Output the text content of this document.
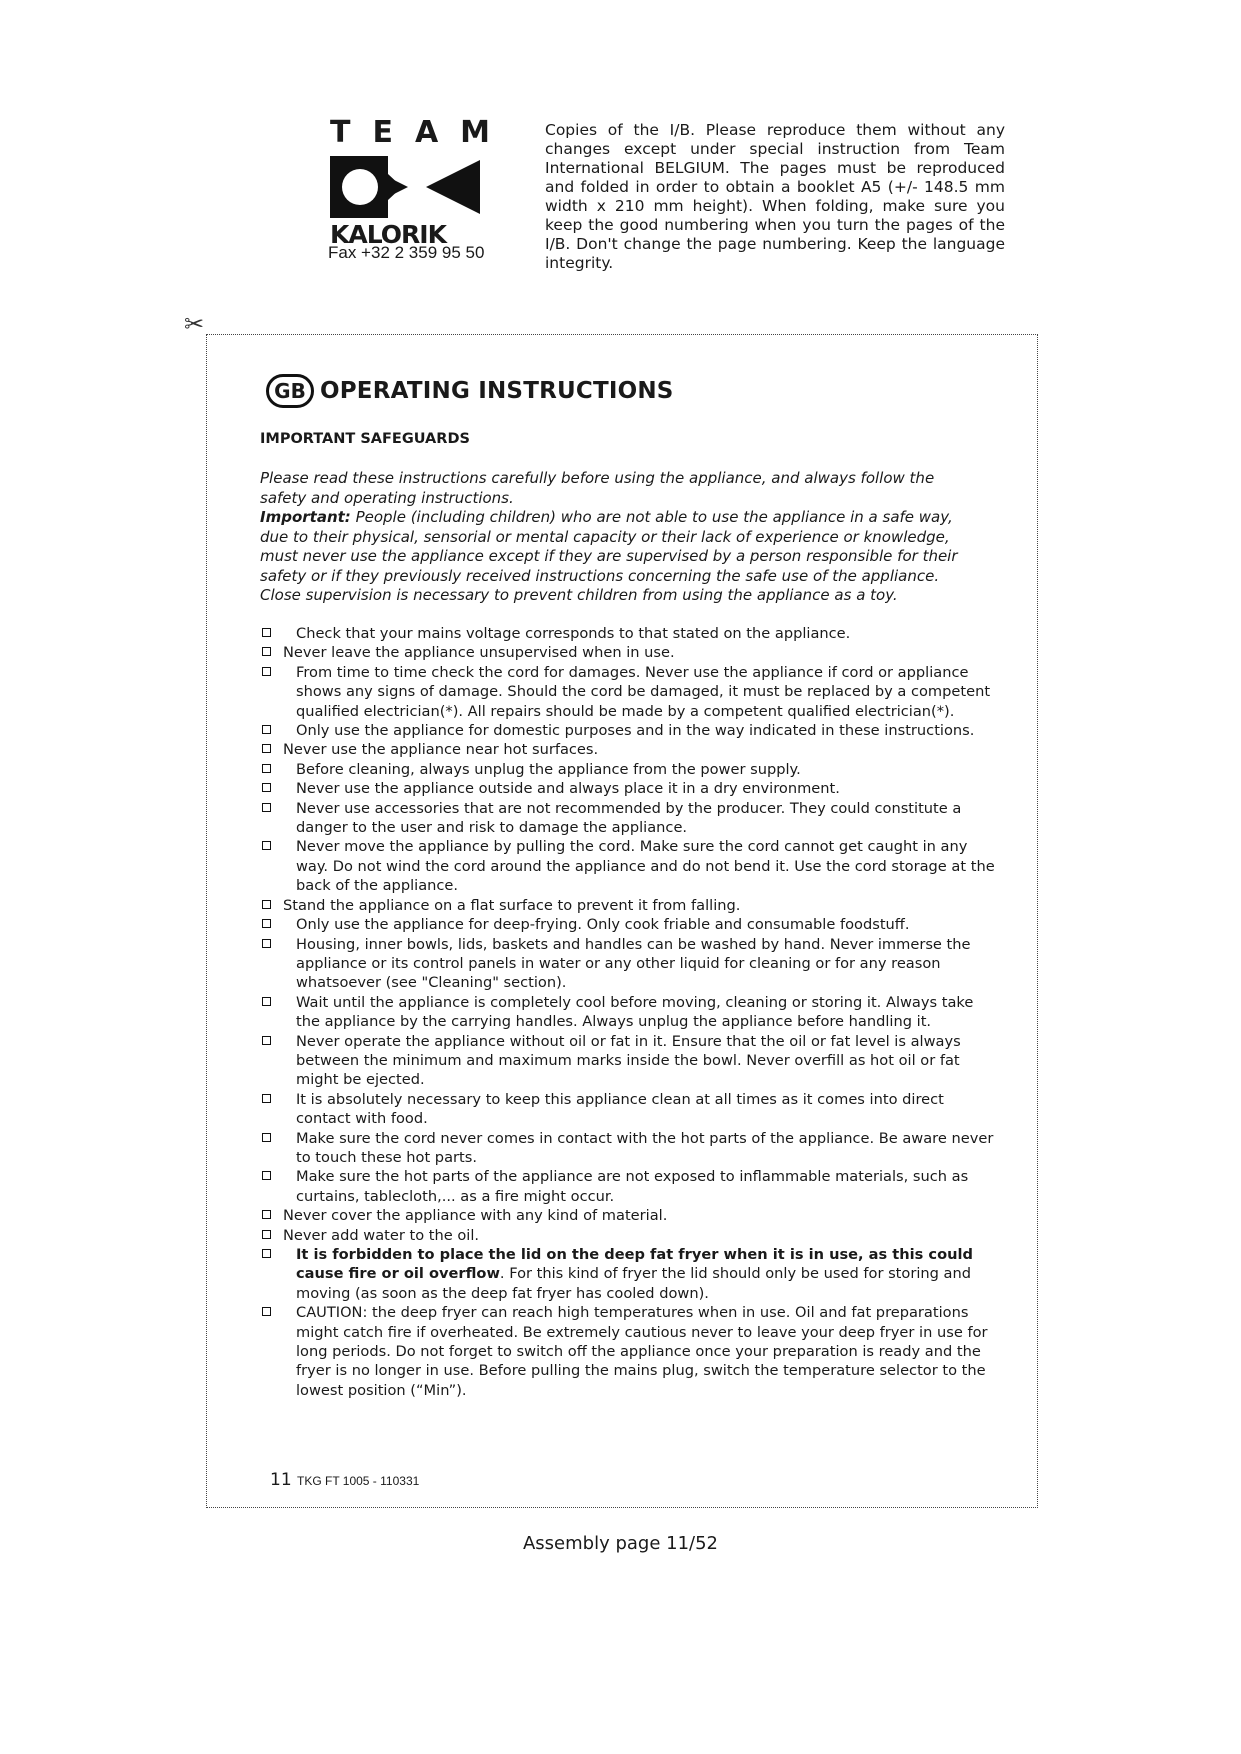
TEAM
KALORIK
Fax +32 2 359 95 50
Copies of the I/B. Please reproduce them without any changes except under special instruction from Team International BELGIUM. The pages must be reproduced and folded in order to obtain a booklet A5 (+/- 148.5 mm width x 210 mm height). When folding, make sure you keep the good numbering when you turn the pages of the I/B. Don't change the page numbering. Keep the language integrity.
✂
GB OPERATING INSTRUCTIONS
IMPORTANT SAFEGUARDS

Please read these instructions carefully before using the appliance, and always follow the safety and operating instructions.

Important: People (including children) who are not able to use the appliance in a safe way, due to their physical, sensorial or mental capacity or their lack of experience or knowledge, must never use the appliance except if they are supervised by a person responsible for their safety or if they previously received instructions concerning the safe use of the appliance. Close supervision is necessary to prevent children from using the appliance as a toy.

Check that your mains voltage corresponds to that stated on the appliance.
Never leave the appliance unsupervised when in use.
From time to time check the cord for damages. Never use the appliance if cord or appliance shows any signs of damage. Should the cord be damaged, it must be replaced by a competent qualified electrician(*). All repairs should be made by a competent qualified electrician(*).
Only use the appliance for domestic purposes and in the way indicated in these instructions.
Never use the appliance near hot surfaces.
Before cleaning, always unplug the appliance from the power supply.
Never use the appliance outside and always place it in a dry environment.
Never use accessories that are not recommended by the producer. They could constitute a danger to the user and risk to damage the appliance.
Never move the appliance by pulling the cord. Make sure the cord cannot get caught in any way. Do not wind the cord around the appliance and do not bend it. Use the cord storage at the back of the appliance.
Stand the appliance on a flat surface to prevent it from falling.
Only use the appliance for deep-frying. Only cook friable and consumable foodstuff.
Housing, inner bowls, lids, baskets and handles can be washed by hand. Never immerse the appliance or its control panels in water or any other liquid for cleaning or for any reason whatsoever (see "Cleaning" section).
Wait until the appliance is completely cool before moving, cleaning or storing it. Always take the appliance by the carrying handles. Always unplug the appliance before handling it.
Never operate the appliance without oil or fat in it. Ensure that the oil or fat level is always between the minimum and maximum marks inside the bowl. Never overfill as hot oil or fat might be ejected.
It is absolutely necessary to keep this appliance clean at all times as it comes into direct contact with food.
Make sure the cord never comes in contact with the hot parts of the appliance. Be aware never to touch these hot parts.
Make sure the hot parts of the appliance are not exposed to inflammable materials, such as curtains, tablecloth,... as a fire might occur.
Never cover the appliance with any kind of material.
Never add water to the oil.
It is forbidden to place the lid on the deep fat fryer when it is in use, as this could cause fire or oil overflow. For this kind of fryer the lid should only be used for storing and moving (as soon as the deep fat fryer has cooled down).
CAUTION: the deep fryer can reach high temperatures when in use. Oil and fat preparations might catch fire if overheated. Be extremely cautious never to leave your deep fryer in use for long periods. Do not forget to switch off the appliance once your preparation is ready and the fryer is no longer in use. Before pulling the mains plug, switch the temperature selector to the lowest position (“Min”).
11 TKG FT 1005 - 110331
Assembly page 11/52
